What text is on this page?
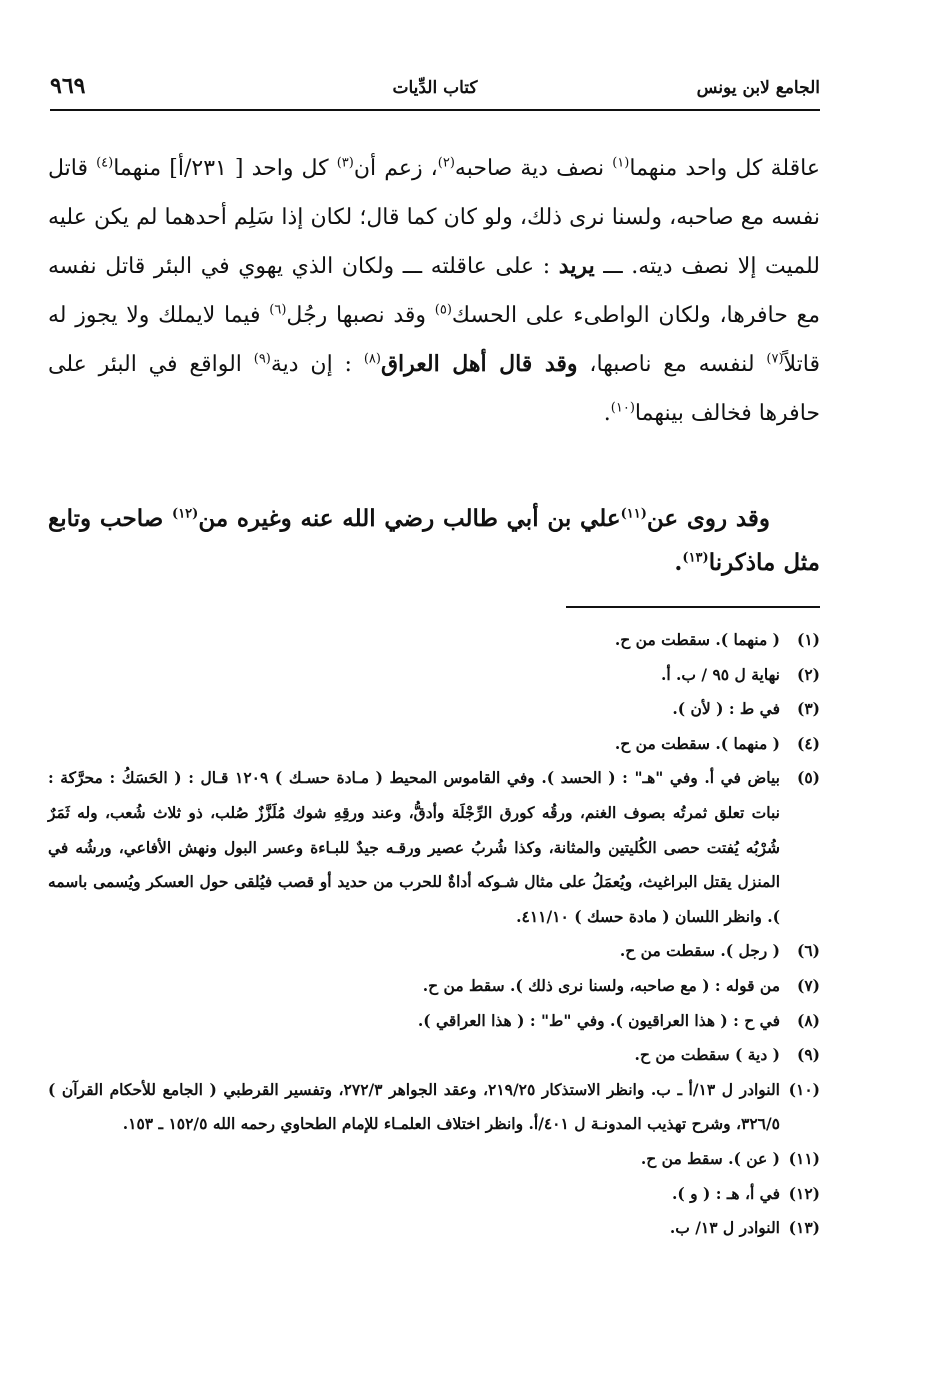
الجامع لابن يونس
كتاب الدِّيات
٩٦٩

عاقلة كل واحد منهما$^{(١)}$ نصف دية صاحبه$^{(٢)}$، زعم أن$^{(٣)}$ كل واحد [ ٢٣١/أ] منهما$^{(٤)}$ قاتل نفسه مع صاحبه، ولسنا نرى ذلك، ولو كان كما قال؛ لكان إذا سَلِم أحدهما لم يكن عليه للميت إلا نصف ديته. ـــ يريد : على عاقلته ـــ ولكان الذي يهوي في البئر قاتل نفسه مع حافرها، ولكان الواطىء على الحسك$^{(٥)}$ وقد نصبها رجُل$^{(٦)}$ فيما لايملك ولا يجوز له قاتلاً$^{(٧)}$ لنفسه مع ناصبها، وقد قال أهل العراق$^{(٨)}$ : إن دية$^{(٩)}$ الواقع في البئر على حافرها فخالف بينهما$^{(١٠)}$.

وقد روى عن$^{(١١)}$علي بن أبي طالب رضي الله عنه وغيره من$^{(١٢)}$ صاحب وتابع مثل ماذكرنا$^{(١٣)}$.

(١)
( منهما ). سقطت من ح.
(٢)
نهاية ل ٩٥ / ب. أ.
(٣)
في ط : ( لأن ).
(٤)
( منهما ). سقطت من ح.
(٥)
بياض في أ. وفي "هـ" : ( الحسد ). وفي القاموس المحيط ( مـادة حسـك ) ١٢٠٩ قـال : ( الحَسَكُ : محرَّكة : نبات تعلق ثمرتُه بصوف الغنم، ورقُه كورق الرِّجْلَة وأدقُّ، وعند ورقِهِ شوك مُلَزَّزٌ صُلب، ذو ثلاث شُعب، وله ثَمَرٌ شُرْبُه يُفتت حصى الكُليتين والمثانة، وكذا شُربُ عصير ورقـه جيدٌ للبـاءة وعسر البول ونهش الأفاعي، ورشُه في المنزل يقتل البراغيث، ويُعمَلُ على مثال شـوكه أداةٌ للحرب من حديد أو قصب فيُلقى حول العسكر ويُسمى باسمه ). وانظر اللسان ( مادة حسك ) ٤١١/١٠.
(٦)
( رجل ). سقطت من ح.
(٧)
من قوله : ( مع صاحبه، ولسنا نرى ذلك ). سقط من ح.
(٨)
في ح : ( هذا العراقيون ). وفي "ط" : ( هذا العراقي ).
(٩)
( دية ) سقطت من ح.
(١٠)
النوادر ل ١٣/أ ـ ب. وانظر الاستذكار ٢١٩/٢٥، وعقد الجواهر ٢٧٢/٣، وتفسير القرطبي ( الجامع للأحكام القرآن ) ٣٢٦/٥، وشرح تهذيب المدونـة ل ٤٠١/أ. وانظر اختلاف العلمـاء للإمام الطحاوي رحمه الله ١٥٢/٥ ـ ١٥٣.
(١١)
( عن ). سقط من ح.
(١٢)
في أ، هـ : ( و ).
(١٣)
النوادر ل ١٣/ ب.
